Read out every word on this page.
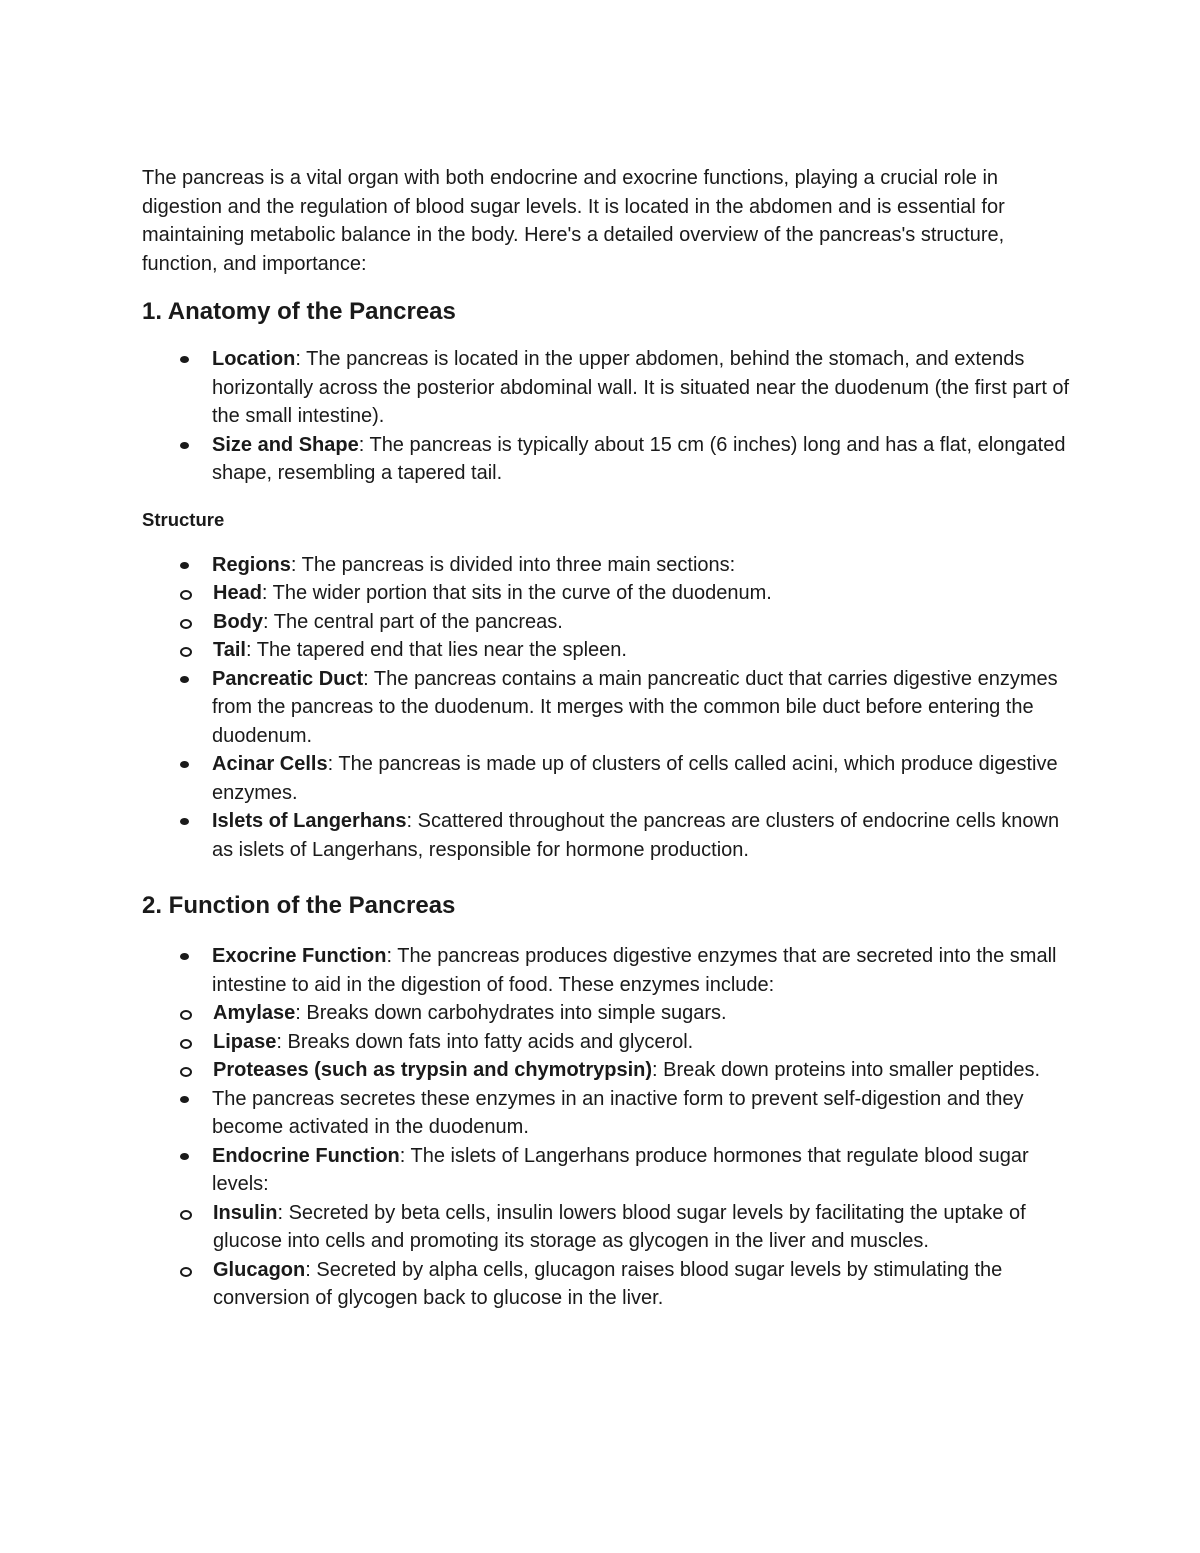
The pancreas is a vital organ with both endocrine and exocrine functions, playing a crucial role in digestion and the regulation of blood sugar levels. It is located in the abdomen and is essential for maintaining metabolic balance in the body. Here's a detailed overview of the pancreas's structure, function, and importance:

1. Anatomy of the Pancreas
Location: The pancreas is located in the upper abdomen, behind the stomach, and extends horizontally across the posterior abdominal wall. It is situated near the duodenum (the first part of the small intestine).
Size and Shape: The pancreas is typically about 15 cm (6 inches) long and has a flat, elongated shape, resembling a tapered tail.
Structure
Regions: The pancreas is divided into three main sections:
Head: The wider portion that sits in the curve of the duodenum.
Body: The central part of the pancreas.
Tail: The tapered end that lies near the spleen.
Pancreatic Duct: The pancreas contains a main pancreatic duct that carries digestive enzymes from the pancreas to the duodenum. It merges with the common bile duct before entering the duodenum.
Acinar Cells: The pancreas is made up of clusters of cells called acini, which produce digestive enzymes.
Islets of Langerhans: Scattered throughout the pancreas are clusters of endocrine cells known as islets of Langerhans, responsible for hormone production.
2. Function of the Pancreas
Exocrine Function: The pancreas produces digestive enzymes that are secreted into the small intestine to aid in the digestion of food. These enzymes include:
Amylase: Breaks down carbohydrates into simple sugars.
Lipase: Breaks down fats into fatty acids and glycerol.
Proteases (such as trypsin and chymotrypsin): Break down proteins into smaller peptides.
The pancreas secretes these enzymes in an inactive form to prevent self-digestion and they become activated in the duodenum.
Endocrine Function: The islets of Langerhans produce hormones that regulate blood sugar levels:
Insulin: Secreted by beta cells, insulin lowers blood sugar levels by facilitating the uptake of glucose into cells and promoting its storage as glycogen in the liver and muscles.
Glucagon: Secreted by alpha cells, glucagon raises blood sugar levels by stimulating the conversion of glycogen back to glucose in the liver.
